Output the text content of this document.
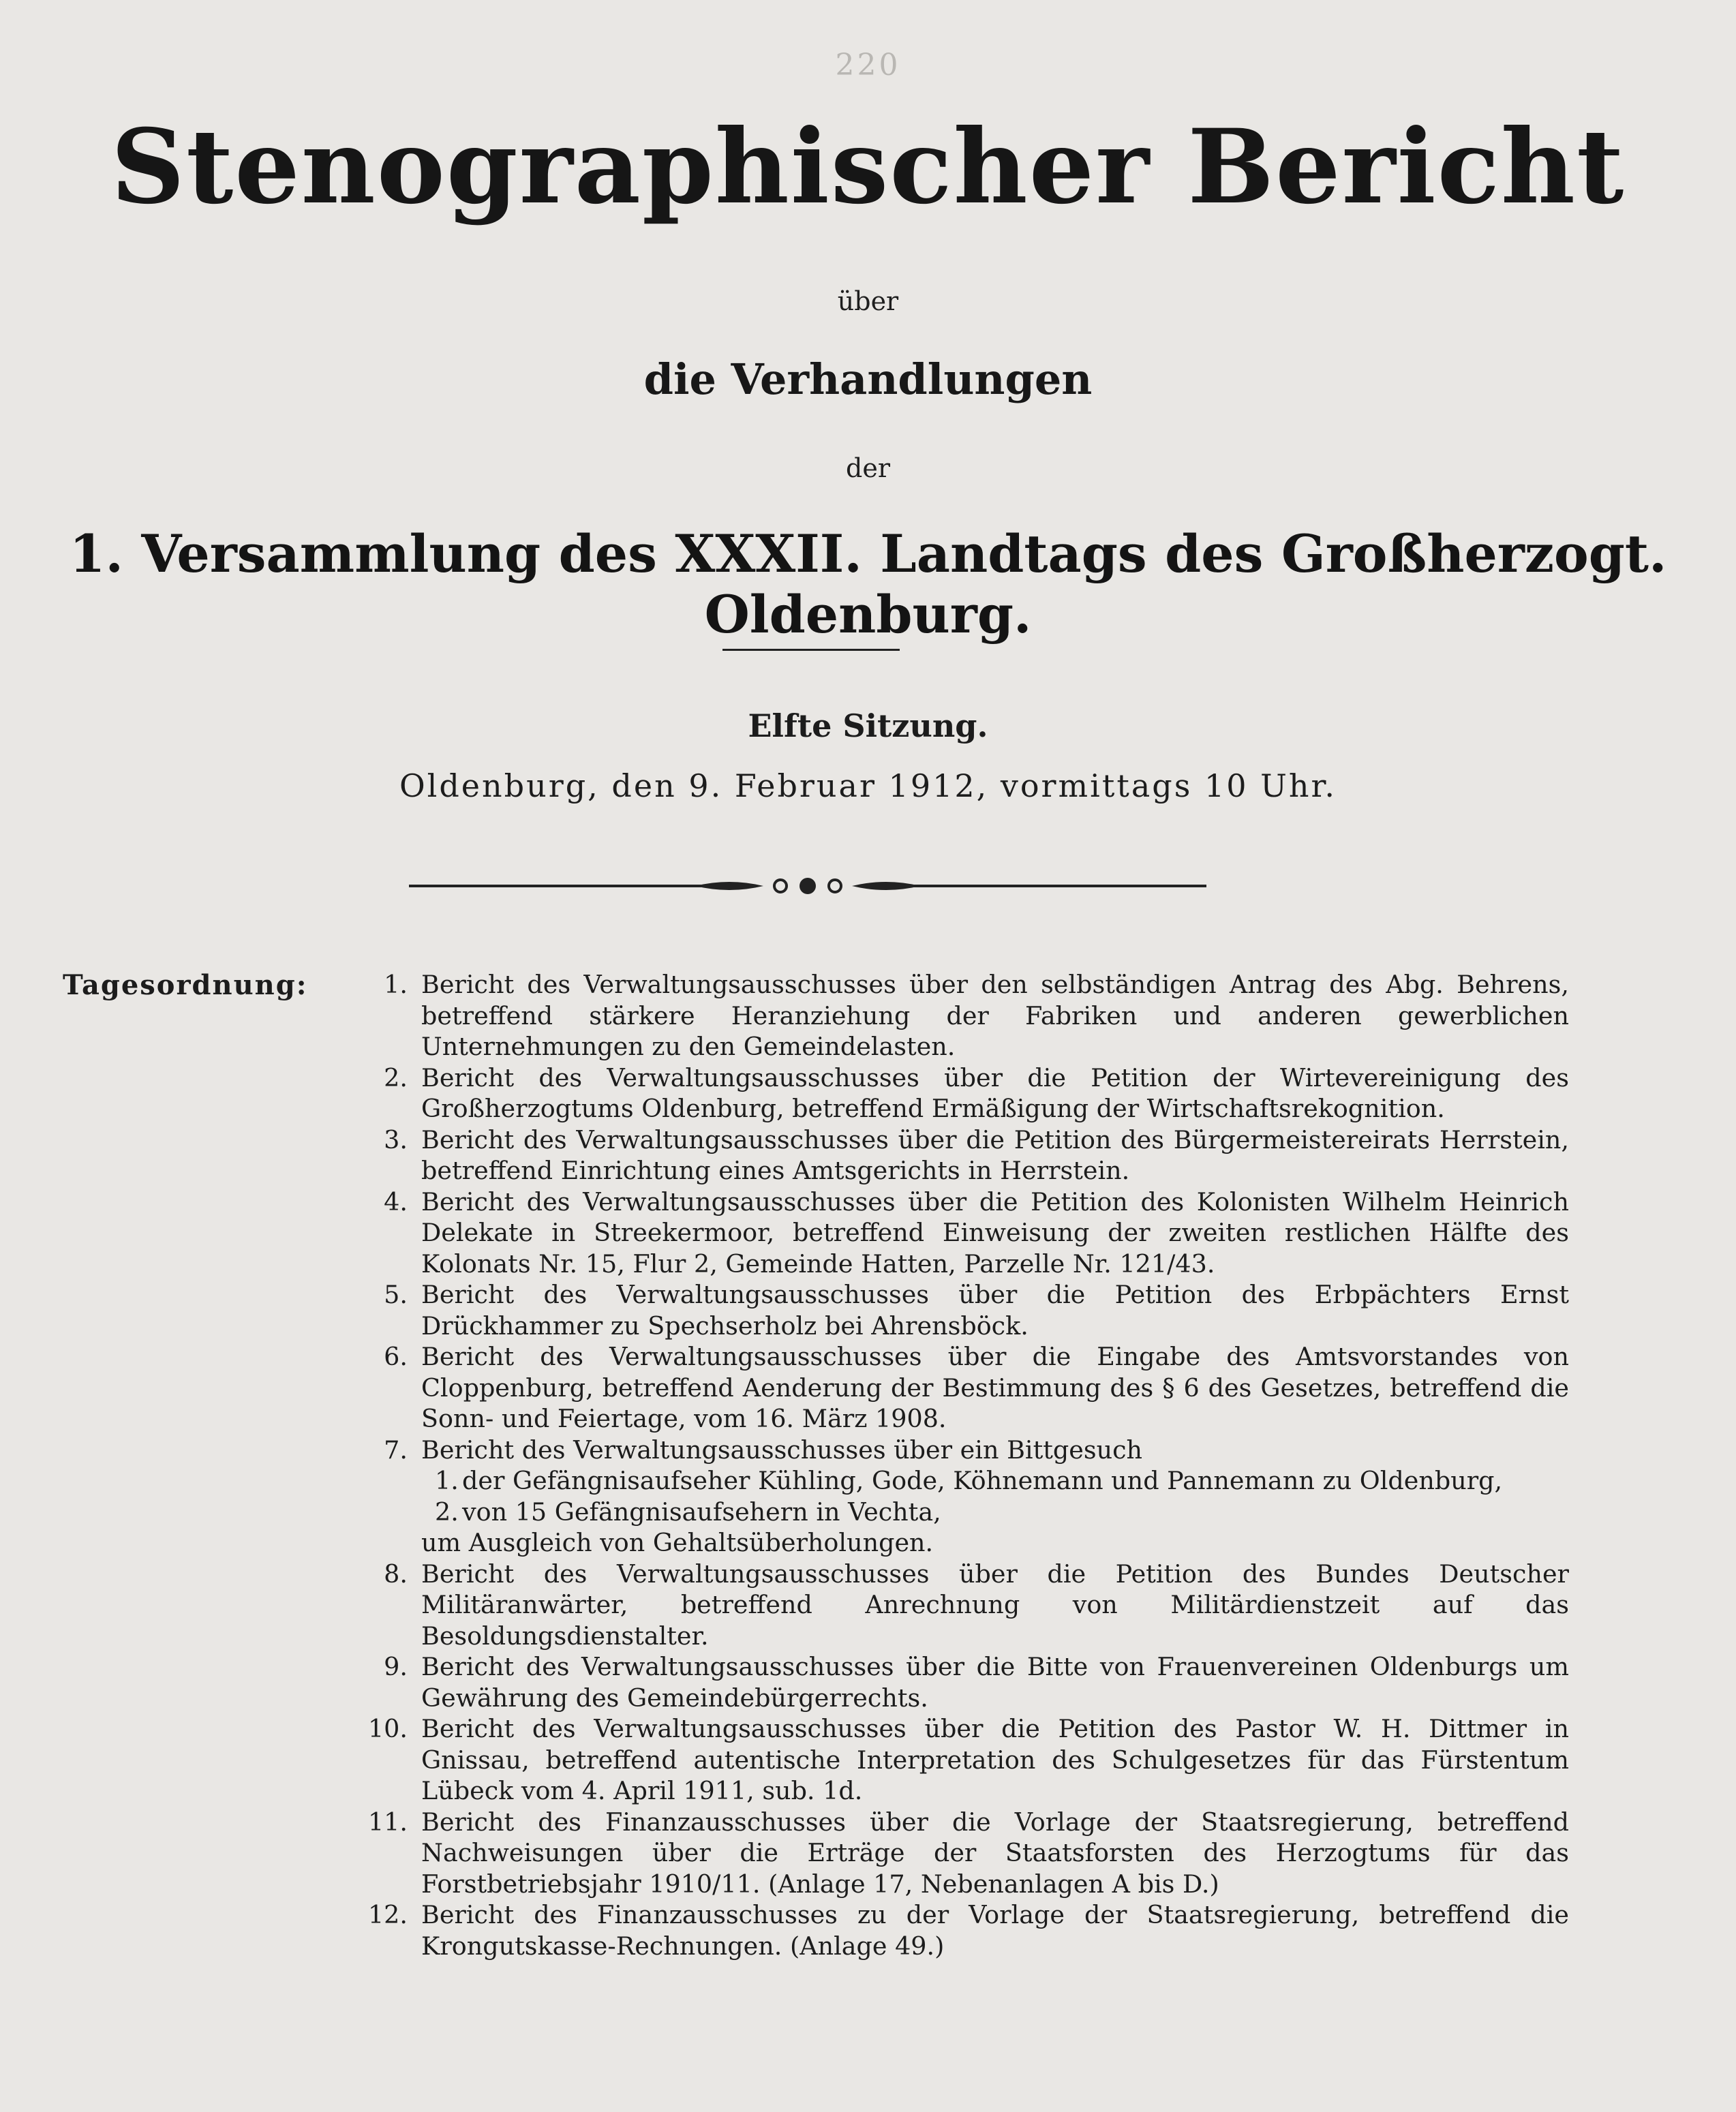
220
Stenographischer Bericht
über
die Verhandlungen
der
1. Versammlung des XXXII. Landtags des Großherzogt. Oldenburg.
Elfte Sitzung.
Oldenburg, den 9. Februar 1912, vormittags 10 Uhr.
Tagesordnung:	1. Bericht des Verwaltungsausschusses über den selbständigen Antrag des Abg. Behrens, betreffend stärkere Heranziehung der Fabriken und anderen gewerblichen Unternehmungen zu den Gemeindelasten.
2. Bericht des Verwaltungsausschusses über die Petition der Wirtevereinigung des Großherzogtums Oldenburg, betreffend Ermäßigung der Wirtschaftsrekognition.
3. Bericht des Verwaltungsausschusses über die Petition des Bürgermeistereirats Herrstein, betreffend Einrichtung eines Amtsgerichts in Herrstein.
4. Bericht des Verwaltungsausschusses über die Petition des Kolonisten Wilhelm Heinrich Delekate in Streekermoor, betreffend Einweisung der zweiten restlichen Hälfte des Kolonats Nr. 15, Flur 2, Gemeinde Hatten, Parzelle Nr. 121/43.
5. Bericht des Verwaltungsausschusses über die Petition des Erbpächters Ernst Drückhammer zu Spechserholz bei Ahrensböck.
6. Bericht des Verwaltungsausschusses über die Eingabe des Amtsvorstandes von Cloppenburg, betreffend Aenderung der Bestimmung des § 6 des Gesetzes, betreffend die Sonn- und Feiertage, vom 16. März 1908.
7. Bericht des Verwaltungsausschusses über ein Bittgesuch
1. der Gefängnisaufseher Kühling, Gode, Köhnemann und Pannemann zu Oldenburg,
2. von 15 Gefängnisaufsehern in Vechta,
um Ausgleich von Gehaltsüberholungen.
8. Bericht des Verwaltungsausschusses über die Petition des Bundes Deutscher Militäranwärter, betreffend Anrechnung von Militärdienstzeit auf das Besoldungsdienstalter.
9. Bericht des Verwaltungsausschusses über die Bitte von Frauenvereinen Oldenburgs um Gewährung des Gemeindebürgerrechts.
10. Bericht des Verwaltungsausschusses über die Petition des Pastor W. H. Dittmer in Gnissau, betreffend autentische Interpretation des Schulgesetzes für das Fürstentum Lübeck vom 4. April 1911, sub. 1d.
11. Bericht des Finanzausschusses über die Vorlage der Staatsregierung, betreffend Nachweisungen über die Erträge der Staatsforsten des Herzogtums für das Forstbetriebsjahr 1910/11. (Anlage 17, Nebenanlagen A bis D.)
12. Bericht des Finanzausschusses zu der Vorlage der Staatsregierung, betreffend die Krongutskasse-Rechnungen. (Anlage 49.)
